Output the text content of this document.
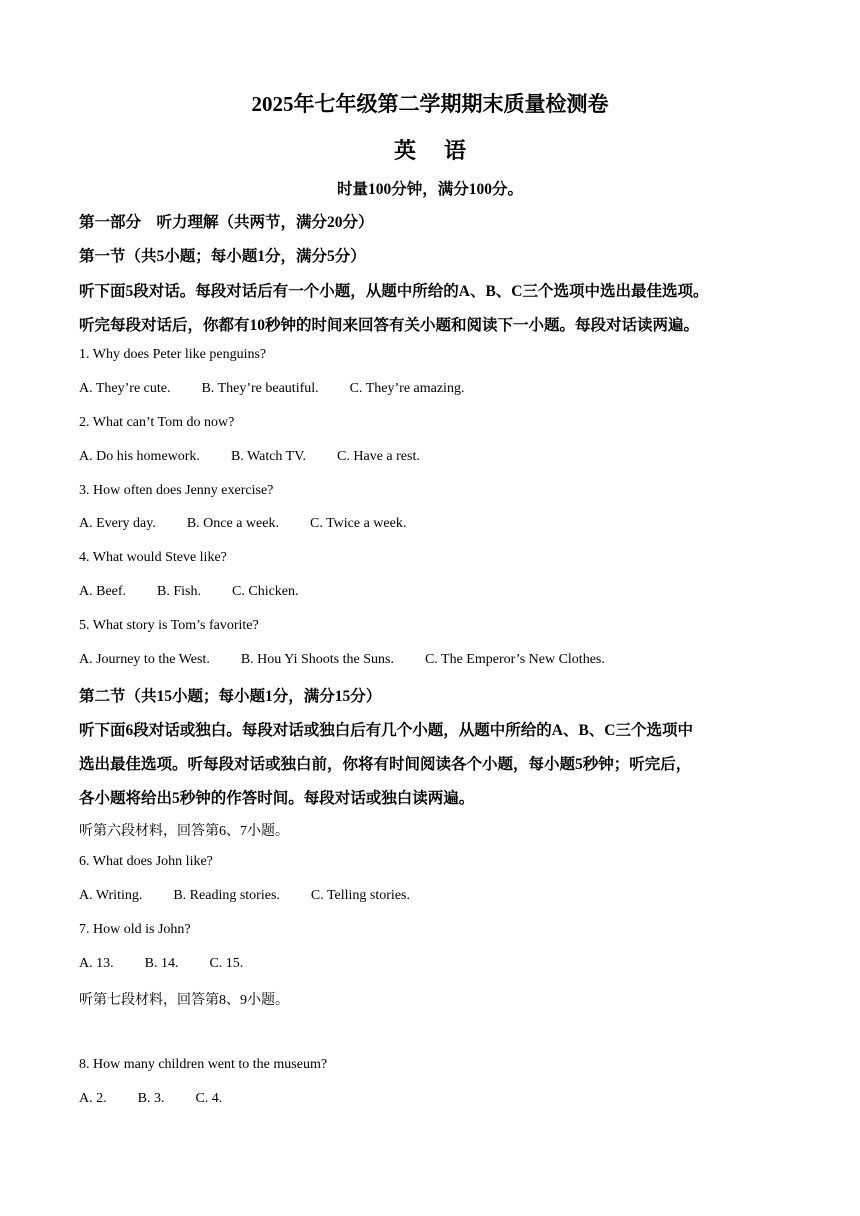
2025年七年级第二学期期末质量检测卷
英 语
时量100分钟，满分100分。
第一部分　听力理解（共两节，满分20分）
第一节（共5小题；每小题1分，满分5分）
听下面5段对话。每段对话后有一个小题，从题中所给的A、B、C三个选项中选出最佳选项。
听完每段对话后，你都有10秒钟的时间来回答有关小题和阅读下一小题。每段对话读两遍。
1. Why does Peter like penguins?
A. They’re cute. B. They’re beautiful. C. They’re amazing.
2. What can’t Tom do now?
A. Do his homework. B. Watch TV. C. Have a rest.
3. How often does Jenny exercise?
A. Every day. B. Once a week. C. Twice a week.
4. What would Steve like?
A. Beef. B. Fish. C. Chicken.
5. What story is Tom’s favorite?
A. Journey to the West. B. Hou Yi Shoots the Suns. C. The Emperor’s New Clothes.
第二节（共15小题；每小题1分，满分15分）
听下面6段对话或独白。每段对话或独白后有几个小题，从题中所给的A、B、C三个选项中
选出最佳选项。听每段对话或独白前，你将有时间阅读各个小题，每小题5秒钟；听完后，
各小题将给出5秒钟的作答时间。每段对话或独白读两遍。
听第六段材料，回答第6、7小题。
6. What does John like?
A. Writing. B. Reading stories. C. Telling stories.
7. How old is John?
A. 13. B. 14. C. 15.
听第七段材料，回答第8、9小题。
8. How many children went to the museum?
A. 2. B. 3. C. 4.
